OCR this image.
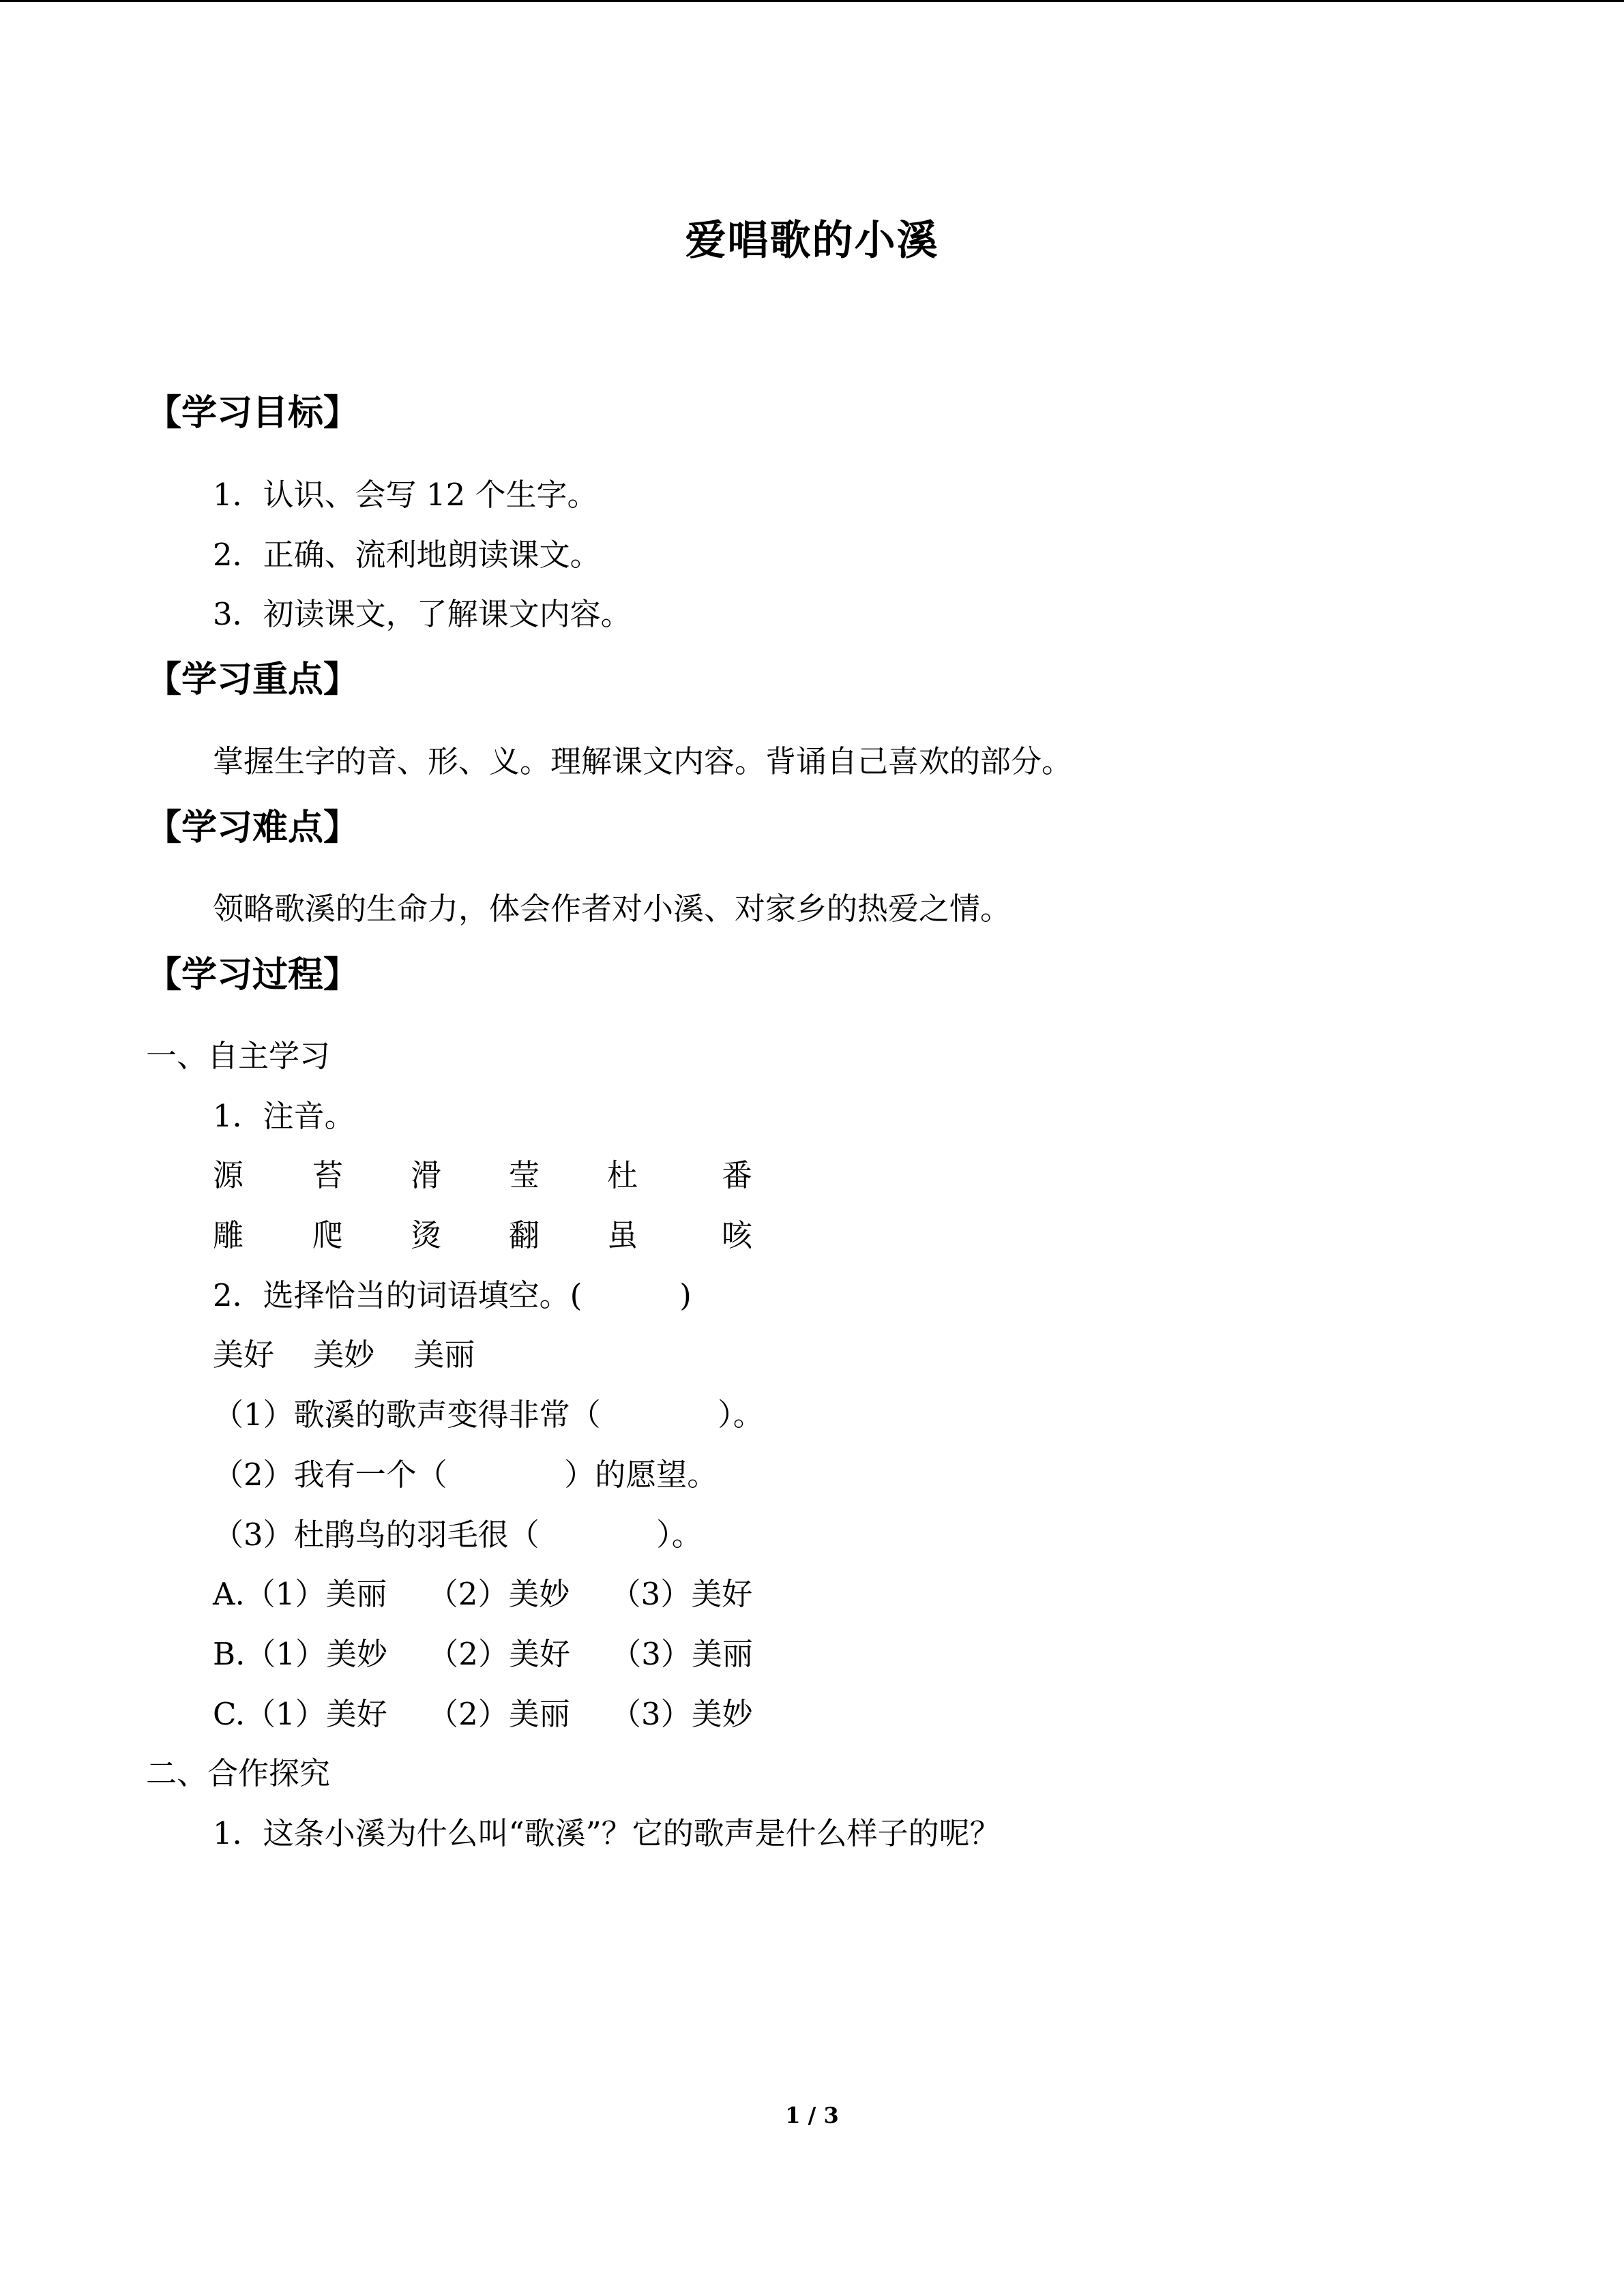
爱唱歌的小溪
【学习目标】
1．认识、会写 12 个生字。
2．正确、流利地朗读课文。
3．初读课文，了解课文内容。
【学习重点】
掌握生字的音、形、义。理解课文内容。背诵自己喜欢的部分。
【学习难点】
领略歌溪的生命力，体会作者对小溪、对家乡的热爱之情。
【学习过程】
一、自主学习
1．注音。
源 苔 滑 莹 杜	番
雕 爬 烫 翻 虽	咳
2．选择恰当的词语填空。(          )
美好    美妙    美丽
（1）歌溪的歌声变得非常（            ）。
（2）我有一个（            ）的愿望。
（3）杜鹃鸟的羽毛很（            ）。
A.（1）美丽　 （2）美妙　 （3）美好
B.（1）美妙　 （2）美好　 （3）美丽
C.（1）美好　 （2）美丽　 （3）美妙
二、合作探究
1．这条小溪为什么叫“歌溪”？它的歌声是什么样子的呢？
1 / 3
